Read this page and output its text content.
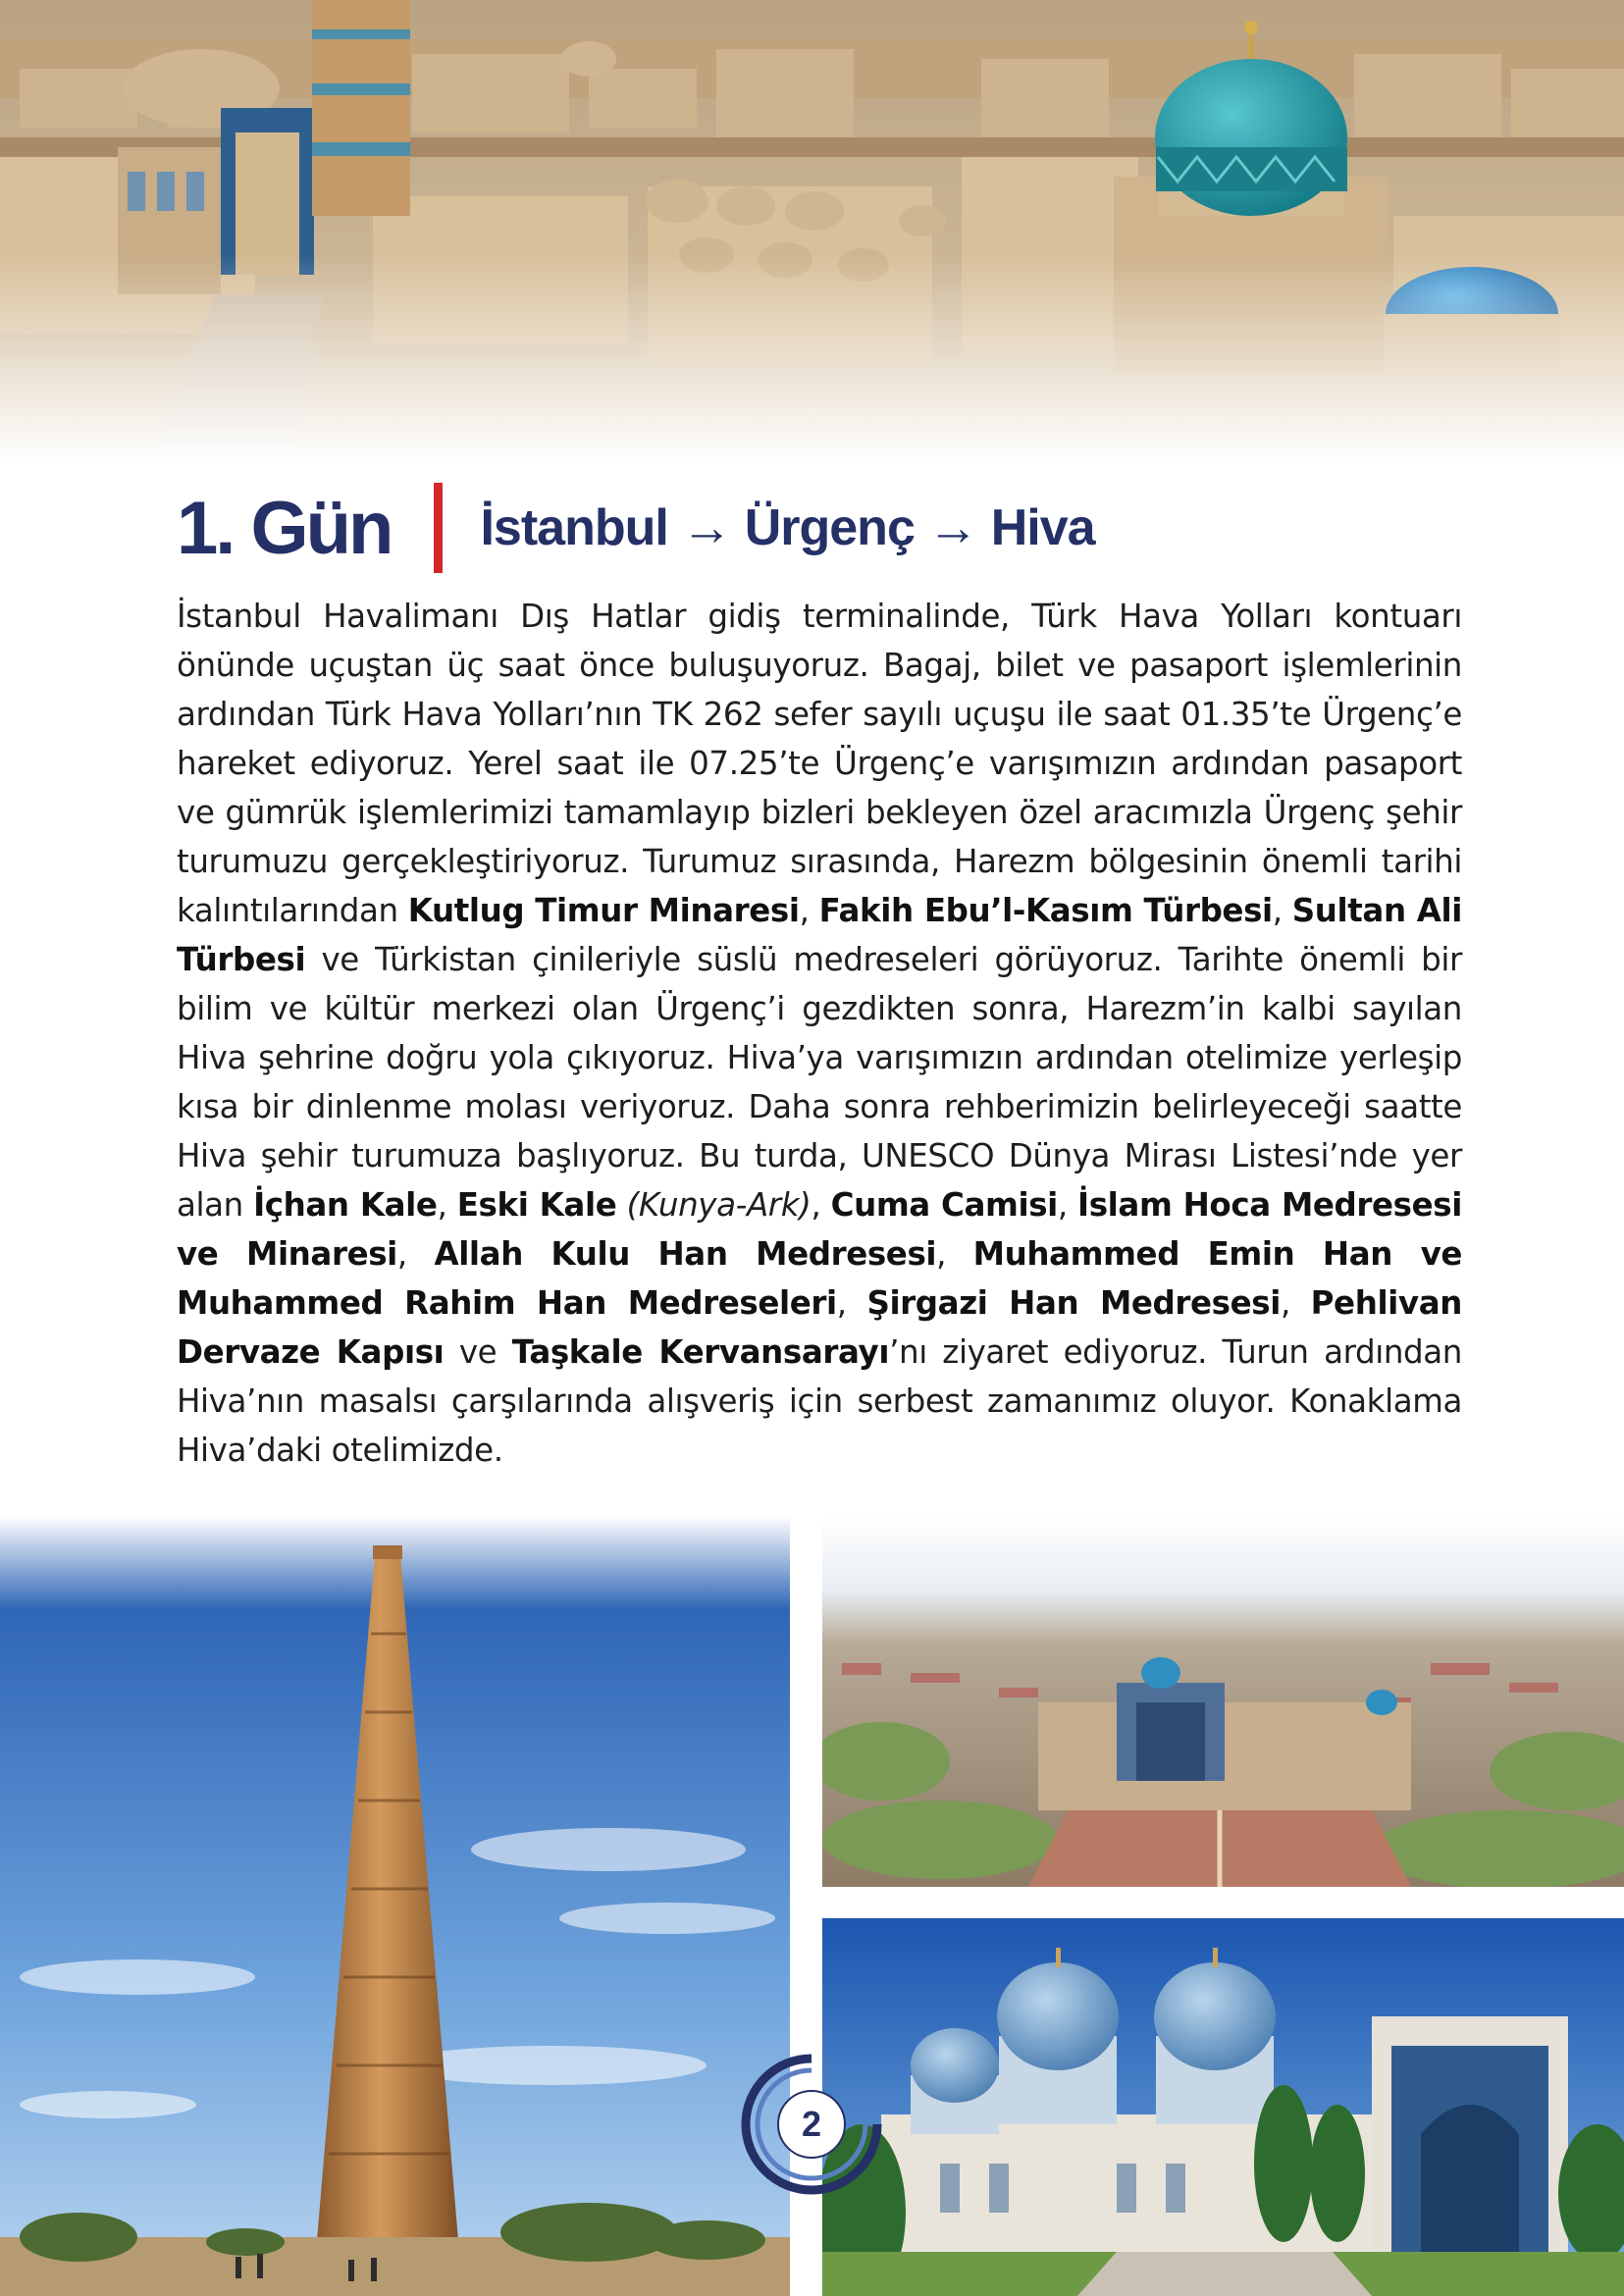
1. Gün İstanbul → Ürgenç → Hiva
İstanbul Havalimanı Dış Hatlar gidiş terminalinde, Türk Hava Yolları kontuarı önünde uçuştan üç saat önce buluşuyoruz. Bagaj, bilet ve pasaport işlemlerinin ardından Türk Hava Yolları’nın TK 262 sefer sayılı uçuşu ile saat 01.35’te Ürgenç’e hareket ediyoruz. Yerel saat ile 07.25’te Ürgenç’e varışımızın ardından pasaport ve gümrük işlemlerimizi tamamlayıp bizleri bekleyen özel aracımızla Ürgenç şehir turumuzu gerçekleştiriyoruz. Turumuz sırasında, Harezm bölgesinin önemli tarihi kalıntılarından Kutlug Timur Minaresi, Fakih Ebu’l-Kasım Türbesi, Sultan Ali Türbesi ve Türkistan çinileriyle süslü medreseleri görüyoruz. Tarihte önemli bir bilim ve kültür merkezi olan Ürgenç’i gezdikten sonra, Harezm’in kalbi sayılan Hiva şehrine doğru yola çıkıyoruz. Hiva’ya varışımızın ardından otelimize yerleşip kısa bir dinlenme molası veriyoruz. Daha sonra rehberimizin belirleyeceği saatte Hiva şehir turumuza başlıyoruz. Bu turda, UNESCO Dünya Mirası Listesi’nde yer alan İçhan Kale, Eski Kale (Kunya-Ark), Cuma Camisi, İslam Hoca Medresesi ve Minaresi, Allah Kulu Han Medresesi, Muhammed Emin Han ve Muhammed Rahim Han Medreseleri, Şirgazi Han Medresesi, Pehlivan Dervaze Kapısı ve Taşkale Kervansarayı’nı ziyaret ediyoruz. Turun ardından Hiva’nın masalsı çarşılarında alışveriş için serbest zamanımız oluyor. Konaklama Hiva’daki otelimizde.
2
